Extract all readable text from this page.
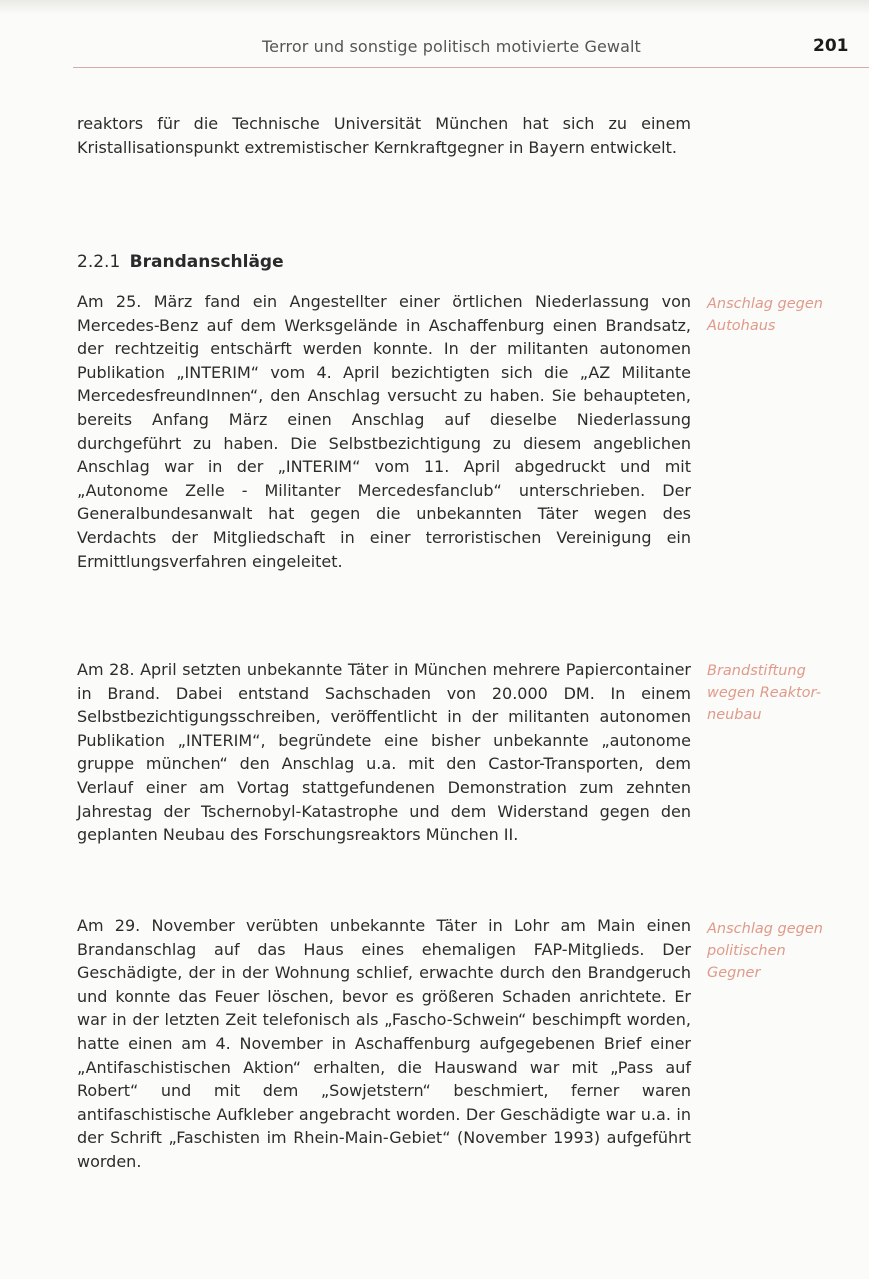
Terror und sonstige politisch motivierte Gewalt	201
reaktors für die Technische Universität München hat sich zu einem Kristallisationspunkt extremistischer Kernkraftgegner in Bayern entwickelt.
2.2.1 Brandanschläge
Am 25. März fand ein Angestellter einer örtlichen Niederlassung von Mercedes-Benz auf dem Werksgelände in Aschaffenburg einen Brandsatz, der rechtzeitig entschärft werden konnte. In der militanten autonomen Publikation „INTERIM“ vom 4. April bezichtigten sich die „AZ Militante MercedesfreundInnen“, den Anschlag versucht zu haben. Sie behaupteten, bereits Anfang März einen Anschlag auf dieselbe Niederlassung durchgeführt zu haben. Die Selbstbezichtigung zu diesem angeblichen Anschlag war in der „INTERIM“ vom 11. April abgedruckt und mit „Autonome Zelle - Militanter Mercedesfanclub“ unterschrieben. Der Generalbundesanwalt hat gegen die unbekannten Täter wegen des Verdachts der Mitgliedschaft in einer terroristischen Vereinigung ein Ermittlungsverfahren eingeleitet.
Anschlag gegen
Autohaus
Am 28. April setzten unbekannte Täter in München mehrere Papiercontainer in Brand. Dabei entstand Sachschaden von 20.000 DM. In einem Selbstbezichtigungsschreiben, veröffentlicht in der militanten autonomen Publikation „INTERIM“, begründete eine bisher unbekannte „autonome gruppe münchen“ den Anschlag u.a. mit den Castor-Transporten, dem Verlauf einer am Vortag stattgefundenen Demonstration zum zehnten Jahrestag der Tschernobyl-Katastrophe und dem Widerstand gegen den geplanten Neubau des Forschungsreaktors München II.
Brandstiftung
wegen Reaktor-
neubau
Am 29. November verübten unbekannte Täter in Lohr am Main einen Brandanschlag auf das Haus eines ehemaligen FAP-Mitglieds. Der Geschädigte, der in der Wohnung schlief, erwachte durch den Brandgeruch und konnte das Feuer löschen, bevor es größeren Schaden anrichtete. Er war in der letzten Zeit telefonisch als „Fascho-Schwein“ beschimpft worden, hatte einen am 4. November in Aschaffenburg aufgegebenen Brief einer „Antifaschistischen Aktion“ erhalten, die Hauswand war mit „Pass auf Robert“ und mit dem „Sowjetstern“ beschmiert, ferner waren antifaschistische Aufkleber angebracht worden. Der Geschädigte war u.a. in der Schrift „Faschisten im Rhein-Main-Gebiet“ (November 1993) aufgeführt worden.
Anschlag gegen
politischen
Gegner
